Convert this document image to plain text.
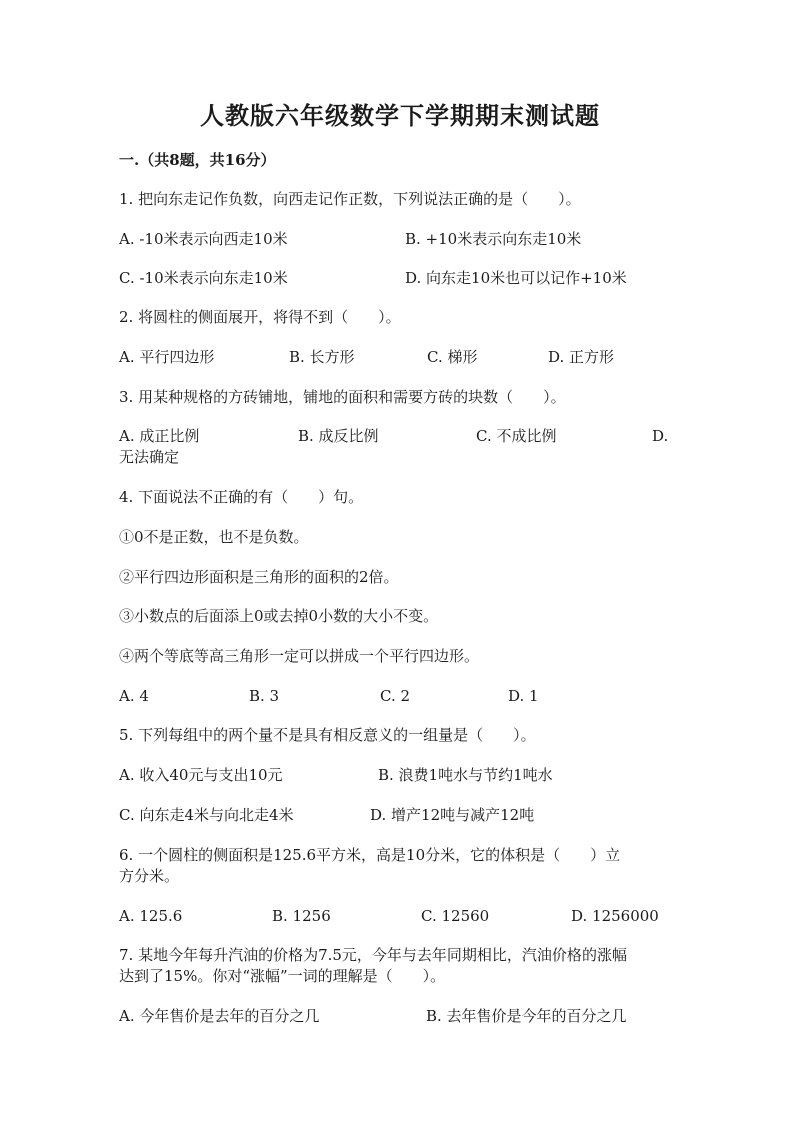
人教版六年级数学下学期期末测试题
一.（共8题，共16分）
1. 把向东走记作负数，向西走记作正数，下列说法正确的是（　　）。
A. -10米表示向西走10米	B. +10米表示向东走10米
C. -10米表示向东走10米	D. 向东走10米也可以记作+10米
2. 将圆柱的侧面展开，将得不到（　　）。
A. 平行四边形	B. 长方形	C. 梯形	D. 正方形
3. 用某种规格的方砖铺地，铺地的面积和需要方砖的块数（　　）。
A. 成正比例	B. 成反比例	C. 不成比例	D.
无法确定
4. 下面说法不正确的有（　　）句。
①0不是正数，也不是负数。
②平行四边形面积是三角形的面积的2倍。
③小数点的后面添上0或去掉0小数的大小不变。
④两个等底等高三角形一定可以拼成一个平行四边形。
A. 4	B. 3	C. 2	D. 1
5. 下列每组中的两个量不是具有相反意义的一组量是（　　）。
A. 收入40元与支出10元	B. 浪费1吨水与节约1吨水
C. 向东走4米与向北走4米	D. 增产12吨与减产12吨
6. 一个圆柱的侧面积是125.6平方米，高是10分米，它的体积是（　　）立
方分米。
A. 125.6	B. 1256	C. 12560	D. 1256000
7. 某地今年每升汽油的价格为7.5元，今年与去年同期相比，汽油价格的涨幅
达到了15%。你对“涨幅”一词的理解是（　　）。
A. 今年售价是去年的百分之几	B. 去年售价是今年的百分之几
